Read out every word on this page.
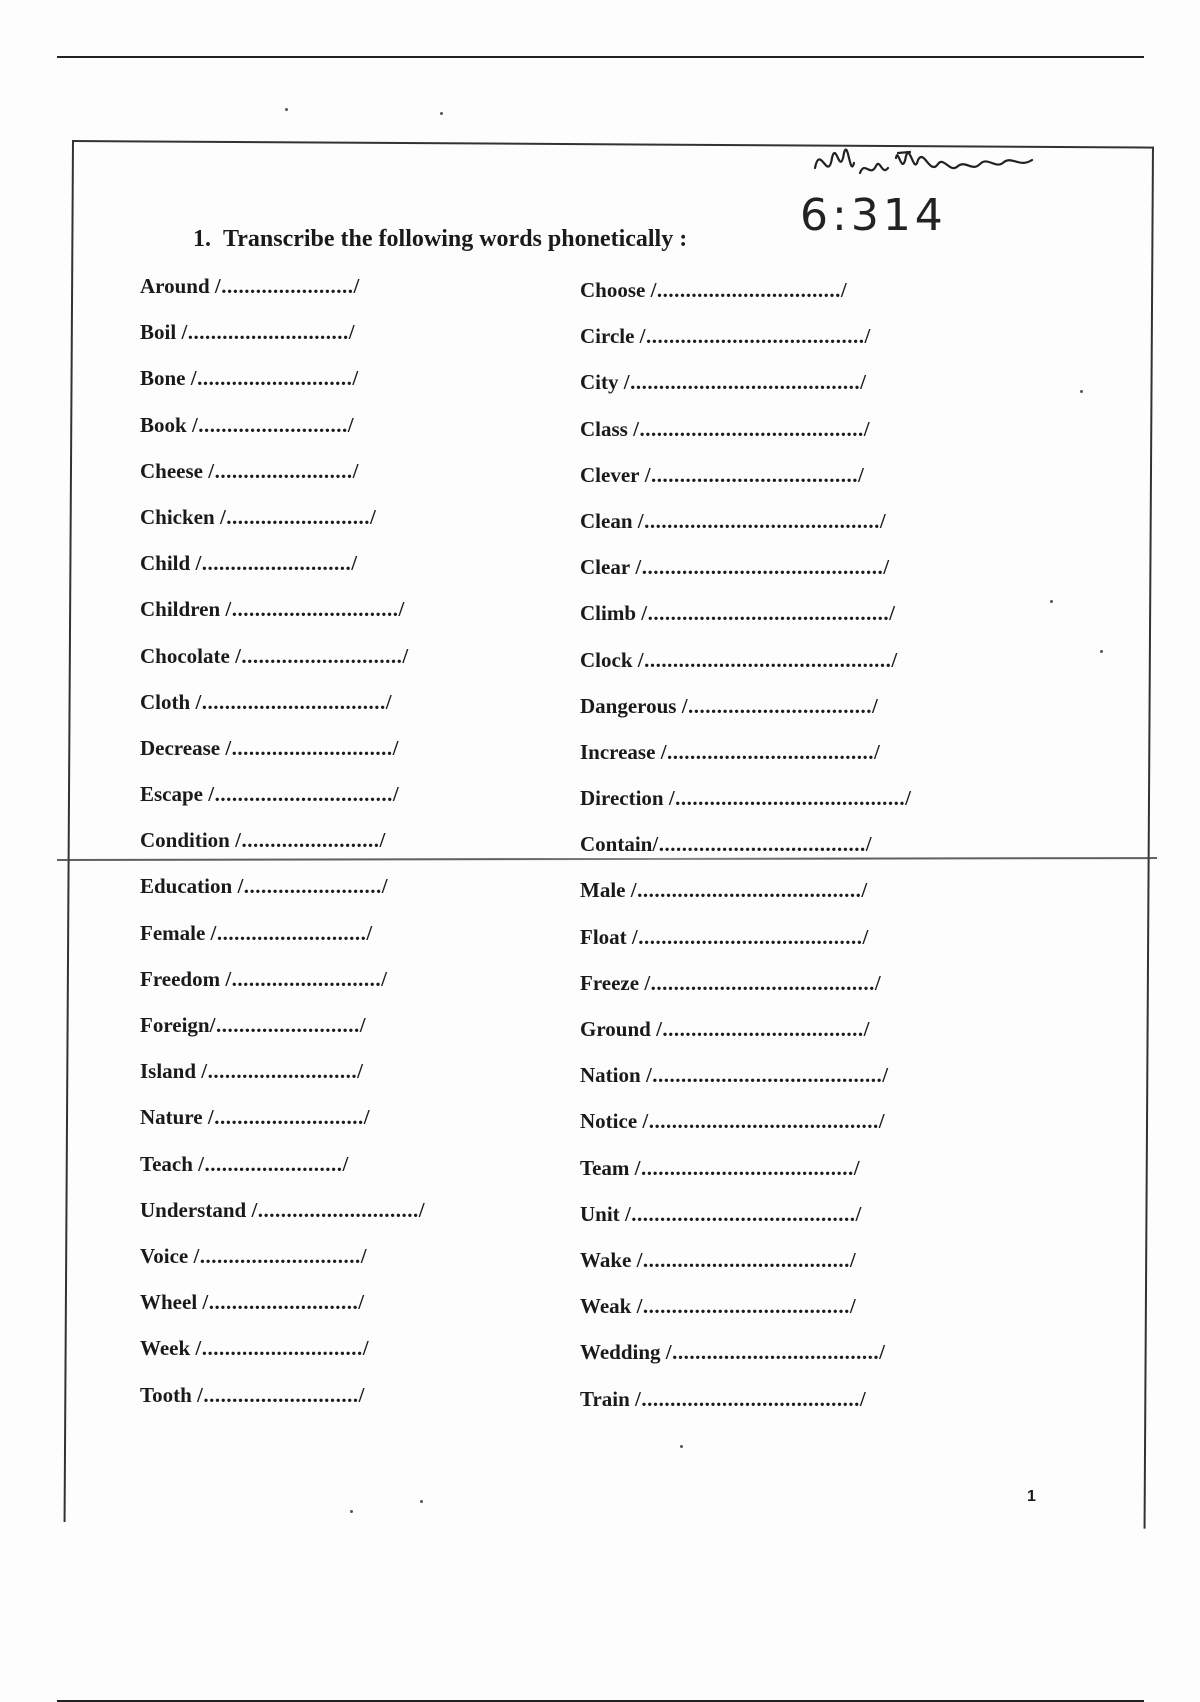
6:314
1. Transcribe the following words phonetically :
Around /......................./
Boil /............................/
Bone /.........................../
Book /........................../
Cheese /......................../
Chicken /........................./
Child /........................../
Children /............................./
Chocolate /............................/
Cloth /................................/
Decrease /............................/
Escape /.............................../
Condition /......................../
Education /......................../
Female /........................../
Freedom /........................../
Foreign/........................./
Island /........................../
Nature /........................../
Teach /......................../
Understand /............................/
Voice /............................/
Wheel /........................../
Week /............................/
Tooth /.........................../
Choose /................................/
Circle /....................................../
City /......................................../
Class /......................................./
Clever /..................................../
Clean /........................................./
Clear /........................................../
Climb /........................................../
Clock /.........................................../
Dangerous /................................/
Increase /..................................../
Direction /......................................../
Contain/..................................../
Male /......................................./
Float /......................................./
Freeze /......................................./
Ground /.................................../
Nation /......................................../
Notice /......................................../
Team /...................................../
Unit /......................................./
Wake /..................................../
Weak /..................................../
Wedding /..................................../
Train /....................................../
1
